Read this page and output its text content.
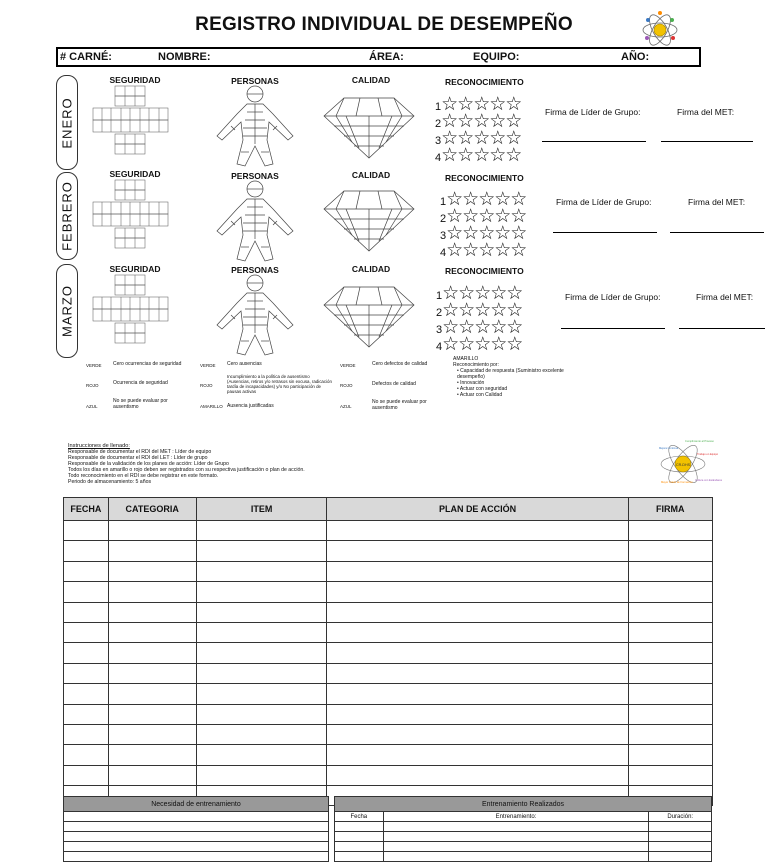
REGISTRO INDIVIDUAL DE DESEMPEÑO
# CARNÉ:	NOMBRE:	ÁREA:	EQUIPO:	AÑO:
ENERO
SEGURIDAD	PERSONAS	CALIDAD	RECONOCIMIENTO
1☆☆☆☆☆
2☆☆☆☆☆
3☆☆☆☆☆
4☆☆☆☆☆
Firma de Líder de Grupo:	Firma del MET:
FEBRERO
SEGURIDAD	PERSONAS	CALIDAD	RECONOCIMIENTO
1☆☆☆☆☆
2☆☆☆☆☆
3☆☆☆☆☆
4☆☆☆☆☆
Firma de Líder de Grupo:	Firma del MET:
MARZO
SEGURIDAD	PERSONAS	CALIDAD	RECONOCIMIENTO
1☆☆☆☆☆
2☆☆☆☆☆
3☆☆☆☆☆
4☆☆☆☆☆
Firma de Líder de Grupo:	Firma del MET:
VERDE Cero ocurrencias de seguridad
ROJO	Ocurrencia de seguridad
AZUL
No se puede evaluar por ausentismo
VERDE Cero ausencias
ROJO
Incumplimiento a la política de ausentismo (Ausencias, retiros y/o retrasos sin excusa, radicación tardía de incapacidades) y/o No participación de pausas activas
AMARILLO Ausencia justificadas
VERDE	Cero defectos de calidad
ROJO	Defectos de calidad
AZUL
No se puede evaluar por ausentismo
AMARILLO
Reconocimiento por:
• Capacidad de respuesta (Suministro excelente desempeño)
• Innovación
• Actuar con seguridad
• Actuar con Calidad
Instrucciones de llenado:
Responsable de documentar el RDI del MET : Líder de equipo
Responsable de documentar el RDI del LET : Líder de grupo
Responsable de la validación de los planes de acción: Líder de Grupo
Todos los días en amarillo o rojo deben ser registrados con su respectiva justificación o plan de acción.
Todo reconocimiento en el RDI se debe registrar en este formato.
Periodo de almacenamiento: 5 años
CR-DHS
Mejora Continua
Cumplimiento al Proceso
Trabajo en Equipo
Mayor Grado de Formación
Cultura con Estándares
FECHA	CATEGORIA	ITEM	PLAN DE ACCIÓN	FIRMA

Necesidad de entrenamiento	Entrenamiento Realizados		
Fecha	Entrenamiento:	Duración:
